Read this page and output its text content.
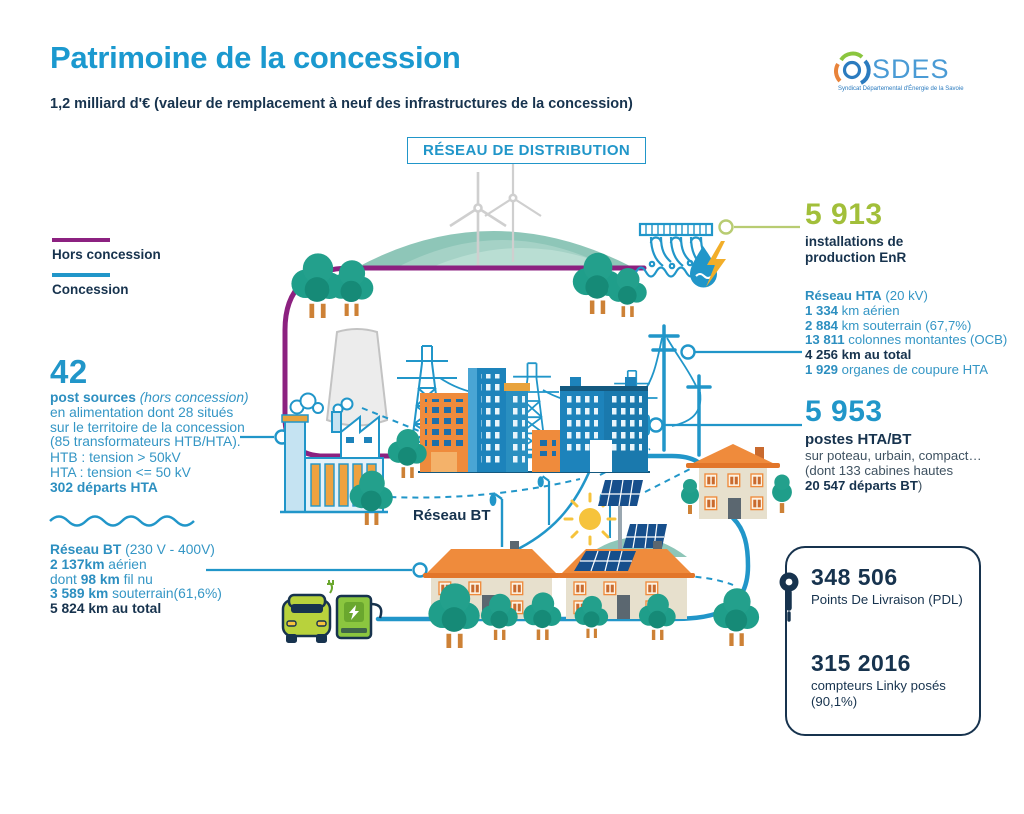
Patrimoine de la concession
1,2 milliard d'€ (valeur de remplacement à neuf des infrastructures de la concession)
RÉSEAU DE DISTRIBUTION
SDES
Syndicat Départemental d'Énergie de la Savoie
Hors concession
Concession
42
post sources (hors concession)
en alimentation dont 28 situés
sur le territoire de la concession
(85 transformateurs HTB/HTA).
HTB : tension > 50kV
HTA : tension <= 50 kV
302 départs HTA
Réseau BT (230 V - 400V)
2 137km aérien
dont 98 km fil nu
3 589 km souterrain(61,6%)
5 824 km au total
5 913
installations de
production EnR
Réseau HTA (20 kV)
1 334 km aérien
2 884 km souterrain (67,7%)
13 811 colonnes montantes (OCB)
4 256 km au total
1 929 organes de coupure HTA
5 953
postes HTA/BT
sur poteau, urbain, compact…
(dont 133 cabines hautes
20 547 départs BT)
348 506
Points De Livraison (PDL)
315 2016
compteurs Linky posés
(90,1%)
Réseau BT
